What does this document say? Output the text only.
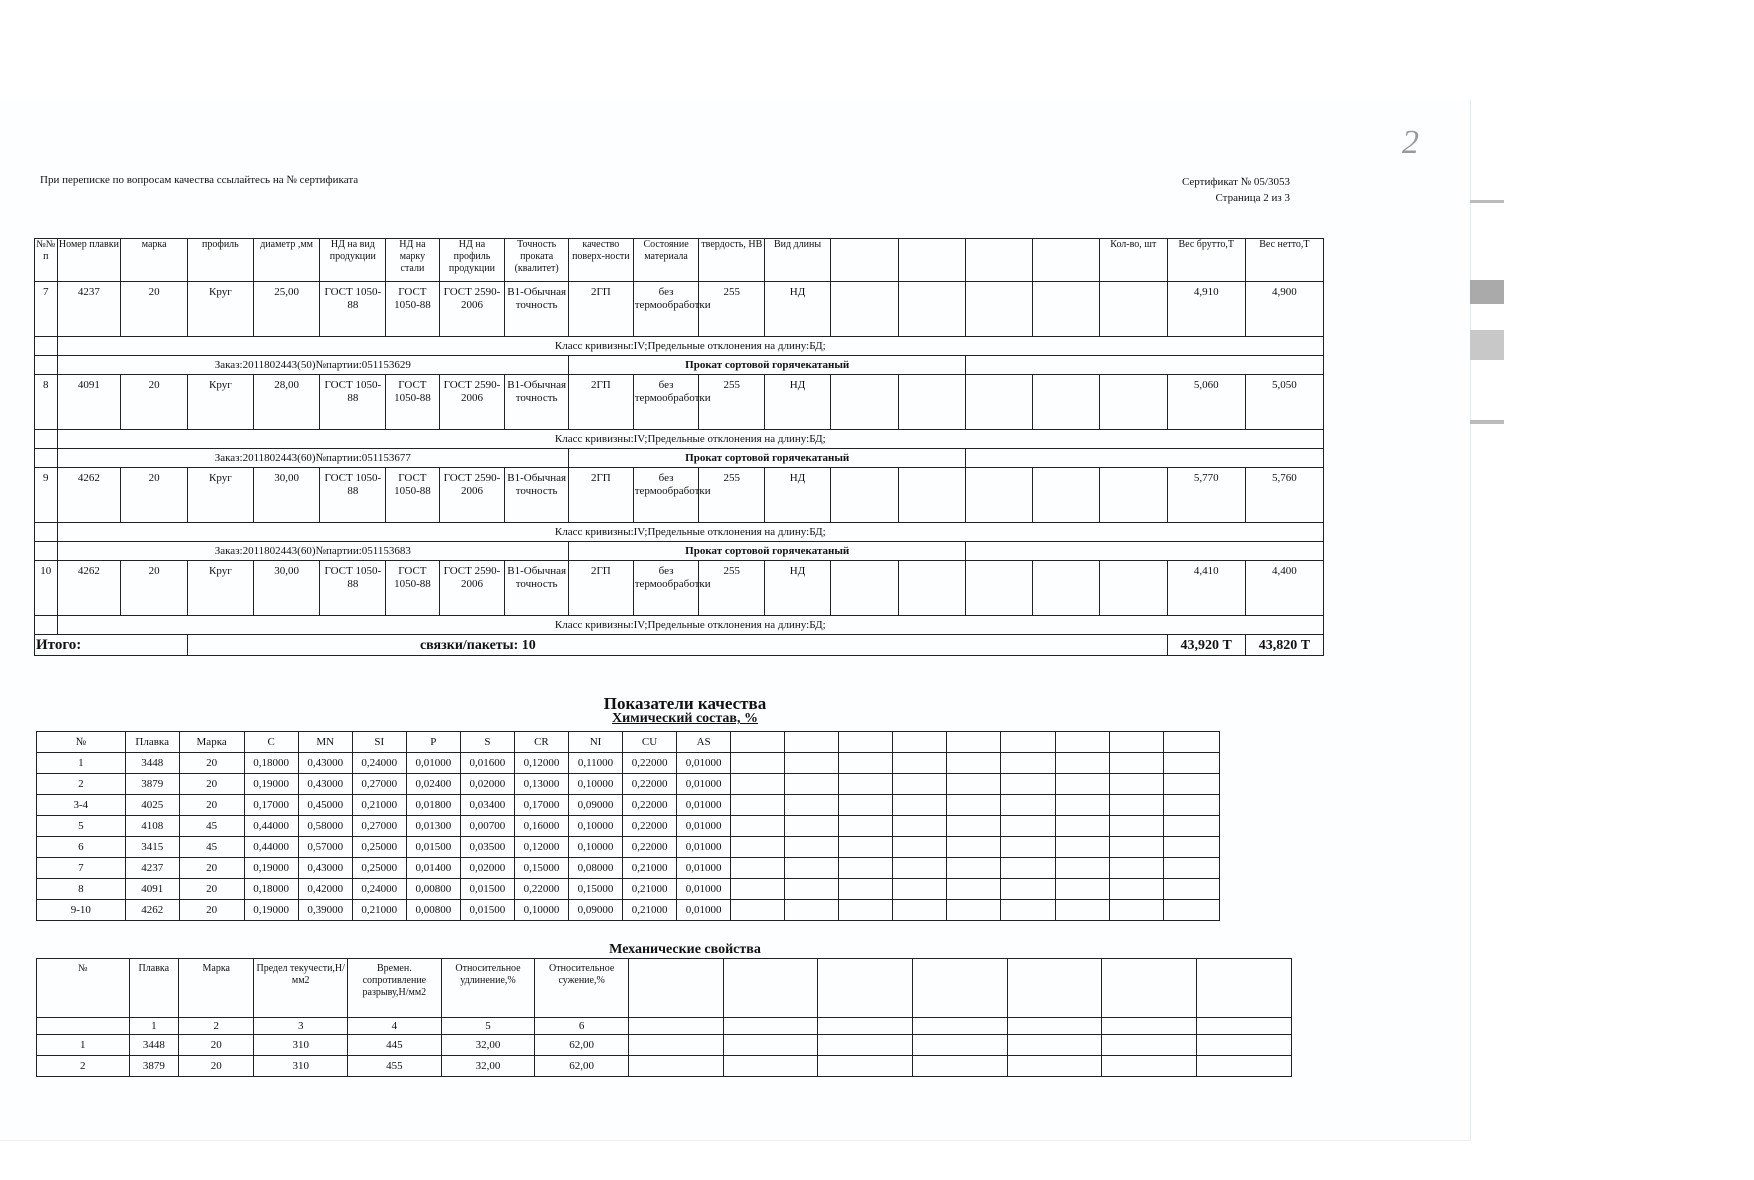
2
При переписке по вопросам качества ссылайтесь на № сертификата	Сертификат № 05/3053
Страница 2 из 3
№№ п	Номер плавки	марка	профиль	диаметр ,мм	НД на вид продукции	НД на марку стали	НД на профиль продукции	Точность проката (квалитет)	качество поверх-ности	Состояние материала	твердость, НВ	Вид длины					Кол-во, шт	Вес брутто,Т	Вес нетто,Т
7	4237	20	Круг	25,00	ГОСТ 1050-88	ГОСТ 1050-88	ГОСТ 2590-2006	В1-Обычная точность	2ГП	без термообработки	255	НД						4,910	4,900
	Класс кривизны:IV;Предельные отклонения на длину:БД;																		
	Заказ:2011802443(50)№партии:051153629								Прокат сортовой горячекатаный										
8	4091	20	Круг	28,00	ГОСТ 1050-88	ГОСТ 1050-88	ГОСТ 2590-2006	В1-Обычная точность	2ГП	без термообработки	255	НД						5,060	5,050
	Класс кривизны:IV;Предельные отклонения на длину:БД;																		
	Заказ:2011802443(60)№партии:051153677								Прокат сортовой горячекатаный										
9	4262	20	Круг	30,00	ГОСТ 1050-88	ГОСТ 1050-88	ГОСТ 2590-2006	В1-Обычная точность	2ГП	без термообработки	255	НД						5,770	5,760
	Класс кривизны:IV;Предельные отклонения на длину:БД;																		
	Заказ:2011802443(60)№партии:051153683								Прокат сортовой горячекатаный										
10	4262	20	Круг	30,00	ГОСТ 1050-88	ГОСТ 1050-88	ГОСТ 2590-2006	В1-Обычная точность	2ГП	без термообработки	255	НД						4,410	4,400
	Класс кривизны:IV;Предельные отклонения на длину:БД;																		
Итого:			связки/пакеты: 10															43,920 Т	43,820 Т
Показатели качества
Химический состав, %
№	Плавка	Марка	C	MN	SI	P	S	CR	NI	CU	AS									
1	3448	20	0,18000	0,43000	0,24000	0,01000	0,01600	0,12000	0,11000	0,22000	0,01000									
2	3879	20	0,19000	0,43000	0,27000	0,02400	0,02000	0,13000	0,10000	0,22000	0,01000									
3-4	4025	20	0,17000	0,45000	0,21000	0,01800	0,03400	0,17000	0,09000	0,22000	0,01000									
5	4108	45	0,44000	0,58000	0,27000	0,01300	0,00700	0,16000	0,10000	0,22000	0,01000									
6	3415	45	0,44000	0,57000	0,25000	0,01500	0,03500	0,12000	0,10000	0,22000	0,01000									
7	4237	20	0,19000	0,43000	0,25000	0,01400	0,02000	0,15000	0,08000	0,21000	0,01000									
8	4091	20	0,18000	0,42000	0,24000	0,00800	0,01500	0,22000	0,15000	0,21000	0,01000									
9-10	4262	20	0,19000	0,39000	0,21000	0,00800	0,01500	0,10000	0,09000	0,21000	0,01000									
Механические свойства
№	Плавка	Марка	Предел текучести,Н/мм2	Времен. сопротивление разрыву,Н/мм2	Относительное удлинение,%	Относительное сужение,%							
	1	2	3	4	5	6							
1	3448	20	310	445	32,00	62,00							
2	3879	20	310	455	32,00	62,00							
